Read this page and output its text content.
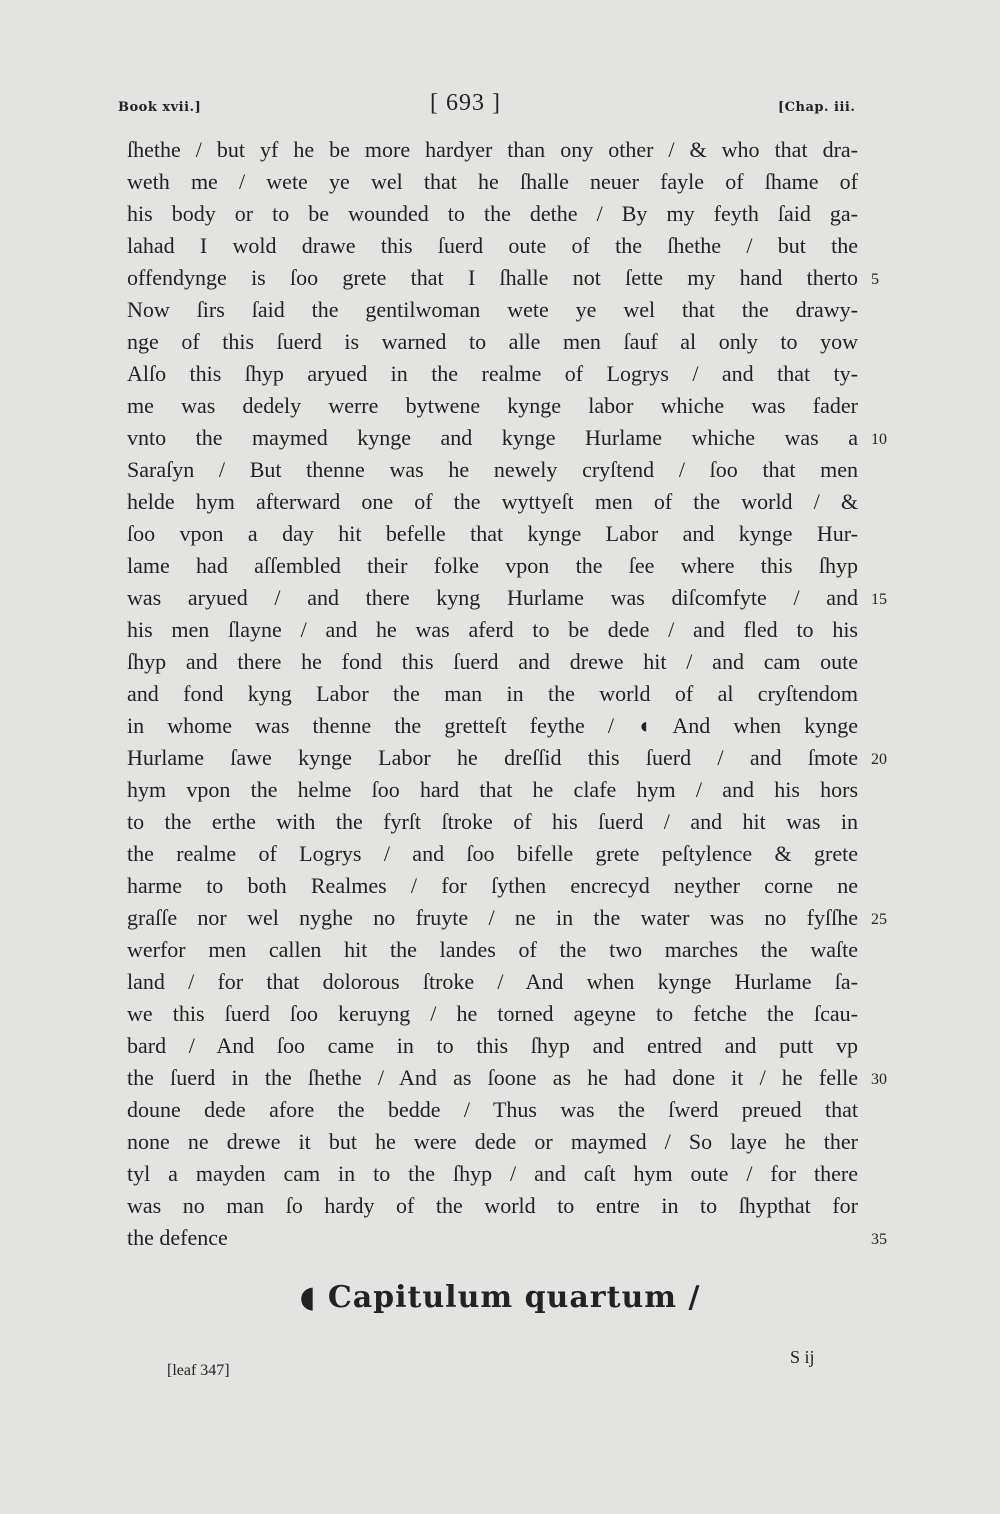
Book xvii.]	[ 693 ]	[Chap. iii.
ſhethe / but yf he be more hardyer than ony other / & who that dra-
weth me / wete ye wel that he ſhalle neuer fayle of ſhame of
his body or to be wounded to the dethe / By my feyth ſaid ga-
lahad I wold drawe this ſuerd oute of the ſhethe / but the
offendynge is ſoo grete that I ſhalle not ſette my hand therto 5
Now ſirs ſaid the gentilwoman wete ye wel that the drawy-
nge of this ſuerd is warned to alle men ſauf al only to yow
Alſo this ſhyp aryued in the realme of Logrys / and that ty-
me was dedely werre bytwene kynge labor whiche was fader
vnto the maymed kynge and kynge Hurlame whiche was a 10
Saraſyn / But thenne was he newely cryſtend / ſoo that men
helde hym afterward one of the wyttyeſt men of the world / &
ſoo vpon a day hit befelle that kynge Labor and kynge Hur-
lame had aſſembled their folke vpon the ſee where this ſhyp
was aryued / and there kyng Hurlame was diſcomfyte / and 15
his men ſlayne / and he was aferd to be dede / and fled to his
ſhyp and there he fond this ſuerd and drewe hit / and cam oute
and fond kyng Labor the man in the world of al cryſtendom
in whome was thenne the gretteſt feythe / ◖ And when kynge
Hurlame ſawe kynge Labor he dreſſid this ſuerd / and ſmote 20
hym vpon the helme ſoo hard that he clafe hym / and his hors
to the erthe with the fyrſt ſtroke of his ſuerd / and hit was in
the realme of Logrys / and ſoo bifelle grete peſtylence & grete
harme to both Realmes / for ſythen encrecyd neyther corne ne
graſſe nor wel nyghe no fruyte / ne in the water was no fyſſhe 25
werfor men callen hit the landes of the two marches the waſte
land / for that dolorous ſtroke / And when kynge Hurlame ſa-
we this ſuerd ſoo keruyng / he torned ageyne to fetche the ſcau-
bard / And ſoo came in to this ſhyp and entred and putt vp
the ſuerd in the ſhethe / And as ſoone as he had done it / he felle 30
doune dede afore the bedde / Thus was the ſwerd preued that
none ne drewe it but he were dede or maymed / So laye he ther
tyl a mayden cam in to the ſhyp / and caſt hym oute / for there
was no man ſo hardy of the world to entre in to ſhypthat for
the defence	35
◖ Capitulum quartum /
[leaf 347]
S ij
